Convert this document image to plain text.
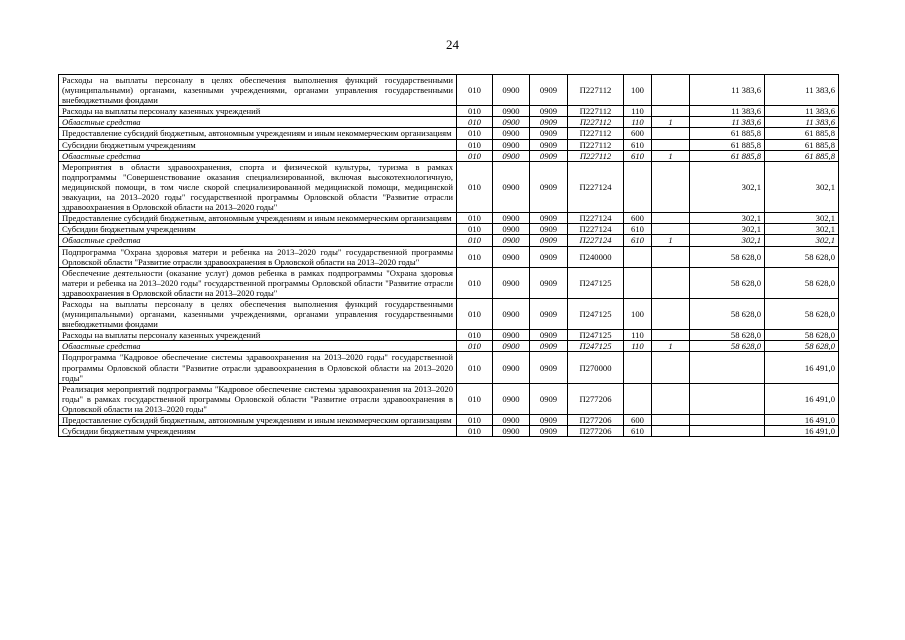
24
Расходы на выплаты персоналу в целях обеспечения выполнения функций государственными (муниципальными) органами, казенными учреждениями, органами управления государственными внебюджетными фондами	010	0900	0909	П227112	100		11 383,6	11 383,6
Расходы на выплаты персоналу казенных учреждений	010	0900	0909	П227112	110		11 383,6	11 383,6
Областные средства	010	0900	0909	П227112	110	1	11 383,6	11 383,6
Предоставление субсидий бюджетным, автономным учреждениям и иным некоммерческим организациям	010	0900	0909	П227112	600		61 885,8	61 885,8
Субсидии бюджетным учреждениям	010	0900	0909	П227112	610		61 885,8	61 885,8
Областные средства	010	0900	0909	П227112	610	1	61 885,8	61 885,8
Мероприятия в области здравоохранения, спорта и физической культуры, туризма в рамках подпрограммы "Совершенствование оказания специализированной, включая высокотехнологичную, медицинской помощи, в том числе скорой специализированной медицинской помощи, медицинской эвакуации, на 2013–2020 годы" государственной программы Орловской области "Развитие отрасли здравоохранения в Орловской области на 2013–2020 годы"	010	0900	0909	П227124			302,1	302,1
Предоставление субсидий бюджетным, автономным учреждениям и иным некоммерческим организациям	010	0900	0909	П227124	600		302,1	302,1
Субсидии бюджетным учреждениям	010	0900	0909	П227124	610		302,1	302,1
Областные средства	010	0900	0909	П227124	610	1	302,1	302,1
Подпрограмма "Охрана здоровья матери и ребенка на 2013–2020 годы" государственной программы Орловской области "Развитие отрасли здравоохранения в Орловской области на 2013–2020 годы"	010	0900	0909	П240000			58 628,0	58 628,0
Обеспечение деятельности (оказание услуг) домов ребенка в рамках подпрограммы "Охрана здоровья матери и ребенка на 2013–2020 годы" государственной программы Орловской области "Развитие отрасли здравоохранения в Орловской области на 2013–2020 годы"	010	0900	0909	П247125			58 628,0	58 628,0
Расходы на выплаты персоналу в целях обеспечения выполнения функций государственными (муниципальными) органами, казенными учреждениями, органами управления государственными внебюджетными фондами	010	0900	0909	П247125	100		58 628,0	58 628,0
Расходы на выплаты персоналу казенных учреждений	010	0900	0909	П247125	110		58 628,0	58 628,0
Областные средства	010	0900	0909	П247125	110	1	58 628,0	58 628,0
Подпрограмма "Кадровое обеспечение системы здравоохранения на 2013–2020 годы" государственной программы Орловской области "Развитие отрасли здравоохранения в Орловской области на 2013–2020 годы"	010	0900	0909	П270000				16 491,0
Реализация мероприятий подпрограммы "Кадровое обеспечение системы здравоохранения на 2013–2020 годы" в рамках государственной программы Орловской области "Развитие отрасли здравоохранения в Орловской области на 2013–2020 годы"	010	0900	0909	П277206				16 491,0
Предоставление субсидий бюджетным, автономным учреждениям и иным некоммерческим организациям	010	0900	0909	П277206	600			16 491,0
Субсидии бюджетным учреждениям	010	0900	0909	П277206	610			16 491,0
